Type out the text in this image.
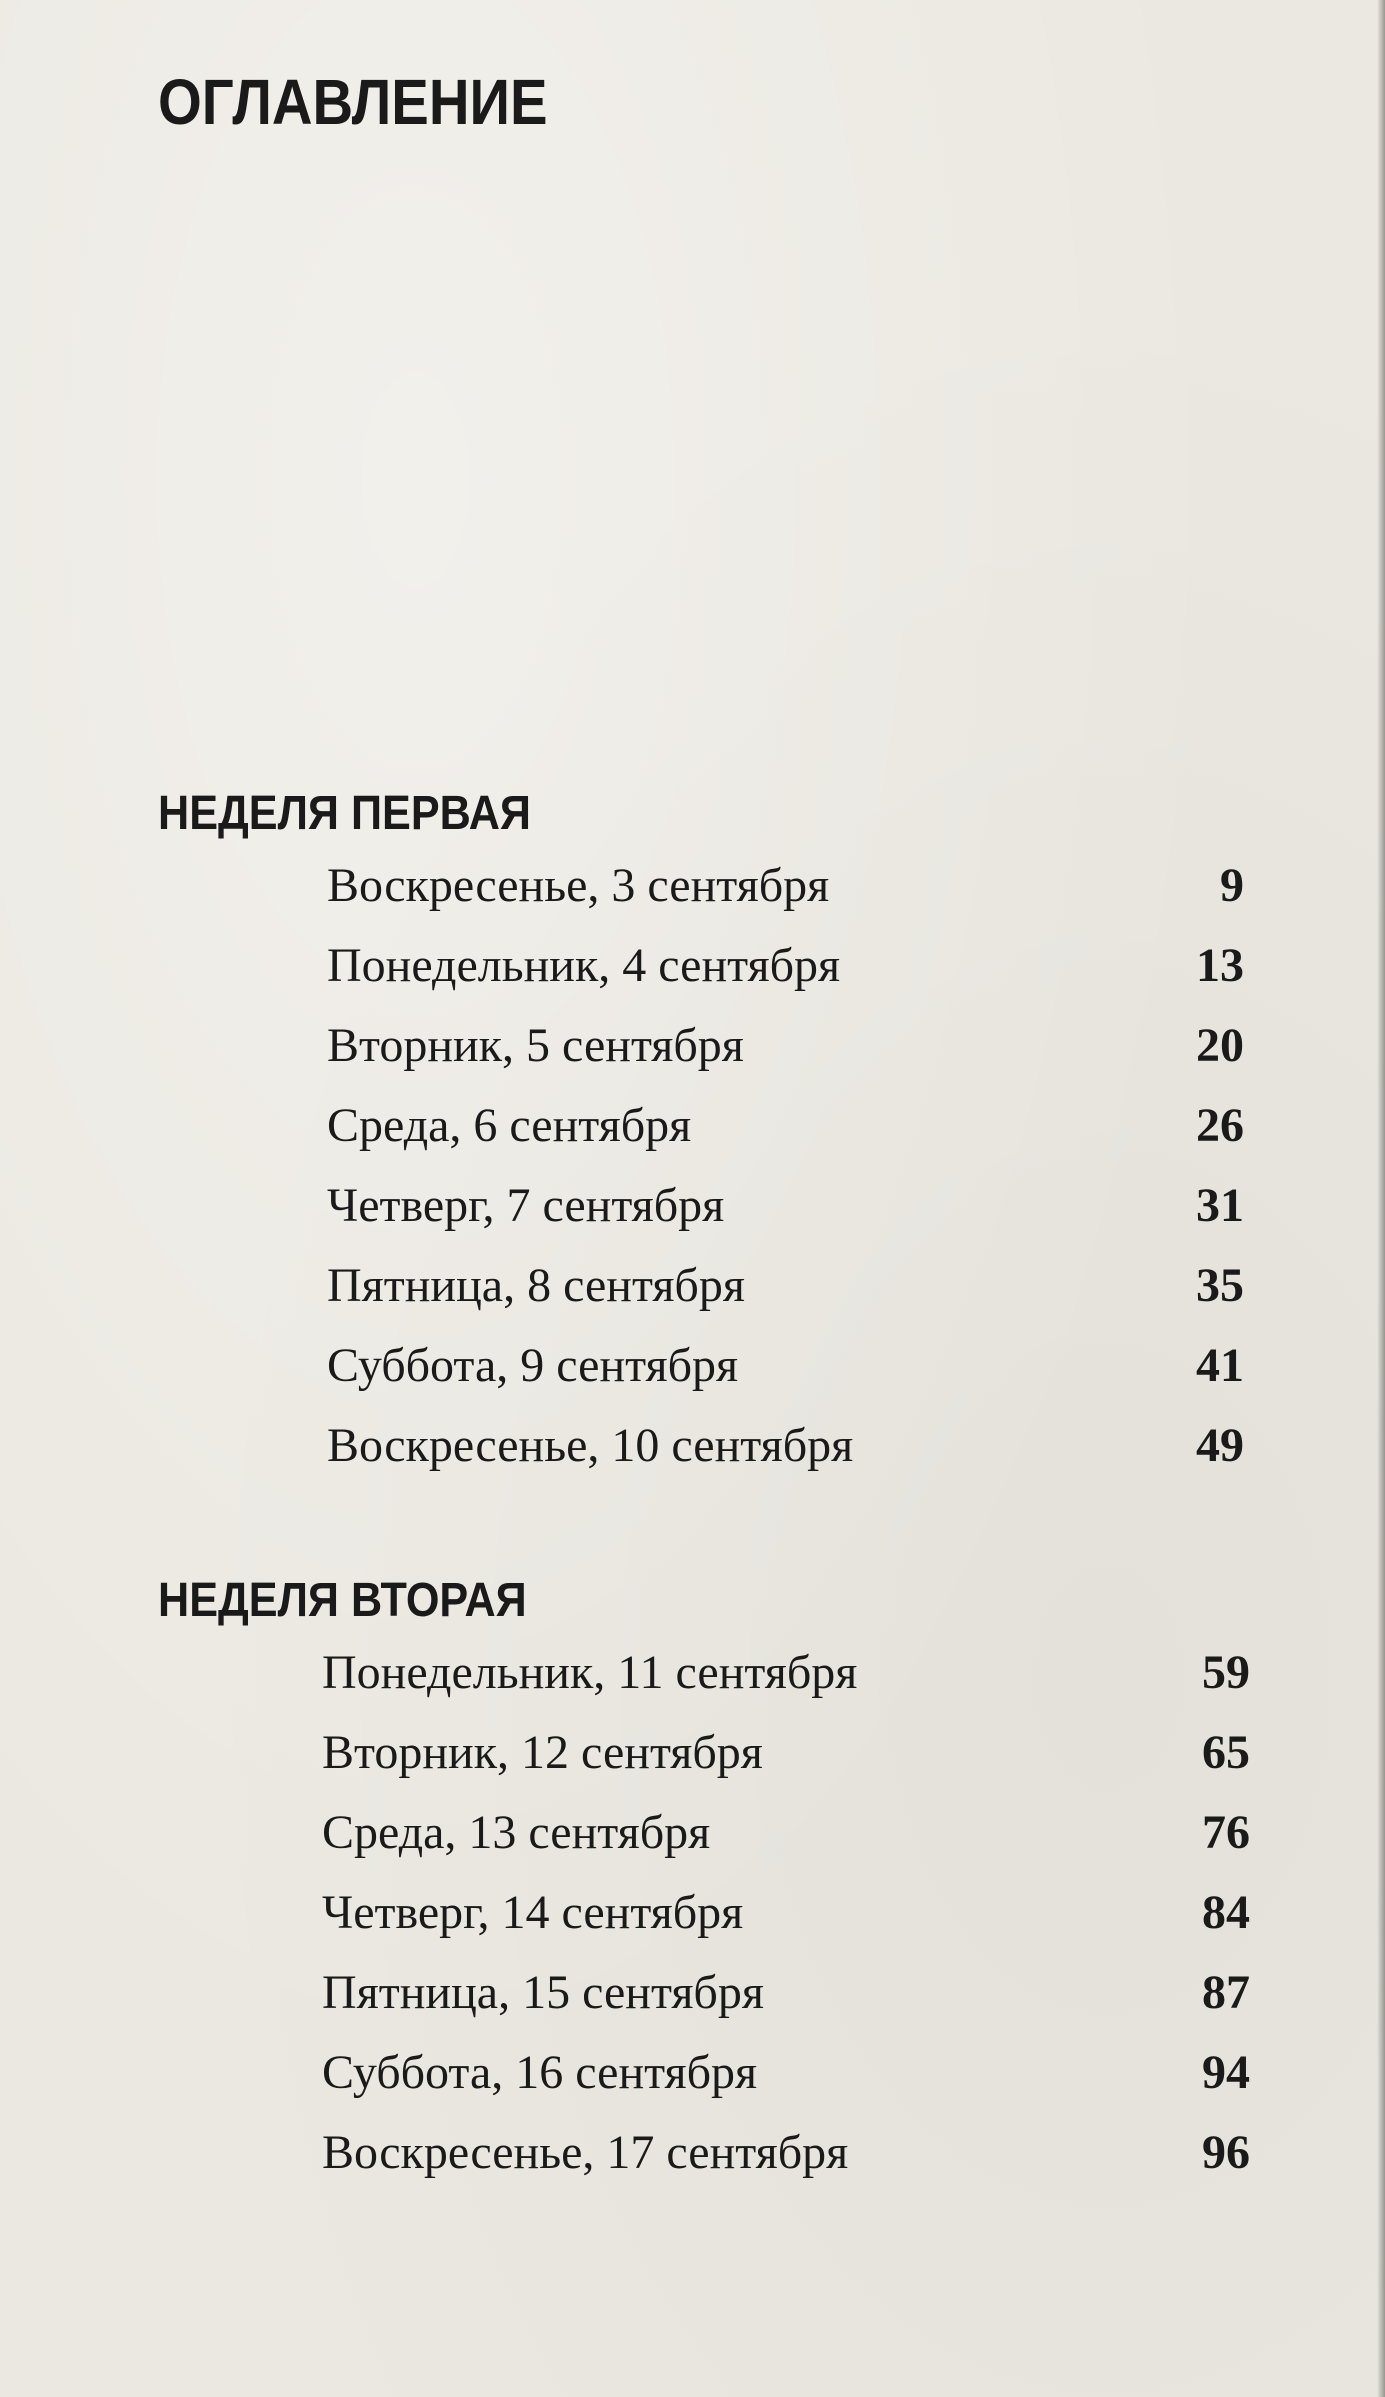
ОГЛАВЛЕНИЕ
НЕДЕЛЯ ПЕРВАЯ
Воскресенье, 3 сентября	9
Понедельник, 4 сентября	13
Вторник, 5 сентября	20
Среда, 6 сентября	26
Четверг, 7 сентября	31
Пятница, 8 сентября	35
Суббота, 9 сентября	41
Воскресенье, 10 сентября	49
НЕДЕЛЯ ВТОРАЯ
Понедельник, 11 сентября	59
Вторник, 12 сентября	65
Среда, 13 сентября	76
Четверг, 14 сентября	84
Пятница, 15 сентября	87
Суббота, 16 сентября	94
Воскресенье, 17 сентября	96
